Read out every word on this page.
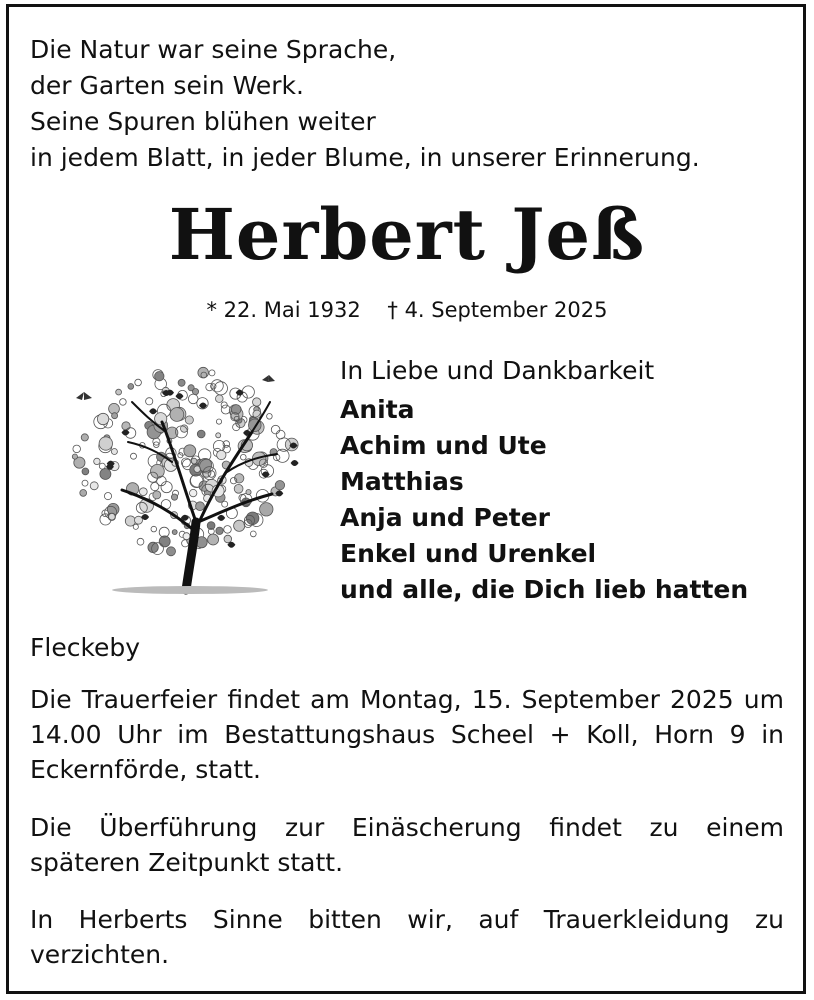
Die Natur war seine Sprache,
der Garten sein Werk.
Seine Spuren blühen weiter
in jedem Blatt, in jeder Blume, in unserer Erinnerung.
Herbert Jeß
* 22. Mai 1932 † 4. September 2025
In Liebe und Dankbarkeit
Anita
Achim und Ute
Matthias
Anja und Peter
Enkel und Urenkel
und alle, die Dich lieb hatten
Fleckeby
Die Trauerfeier findet am Montag, 15. September 2025 um 14.00 Uhr im Bestattungshaus Scheel + Koll, Horn 9 in Eckernförde, statt.
Die Überführung zur Einäscherung findet zu einem späteren Zeitpunkt statt.
In Herberts Sinne bitten wir, auf Trauerkleidung zu verzichten.
